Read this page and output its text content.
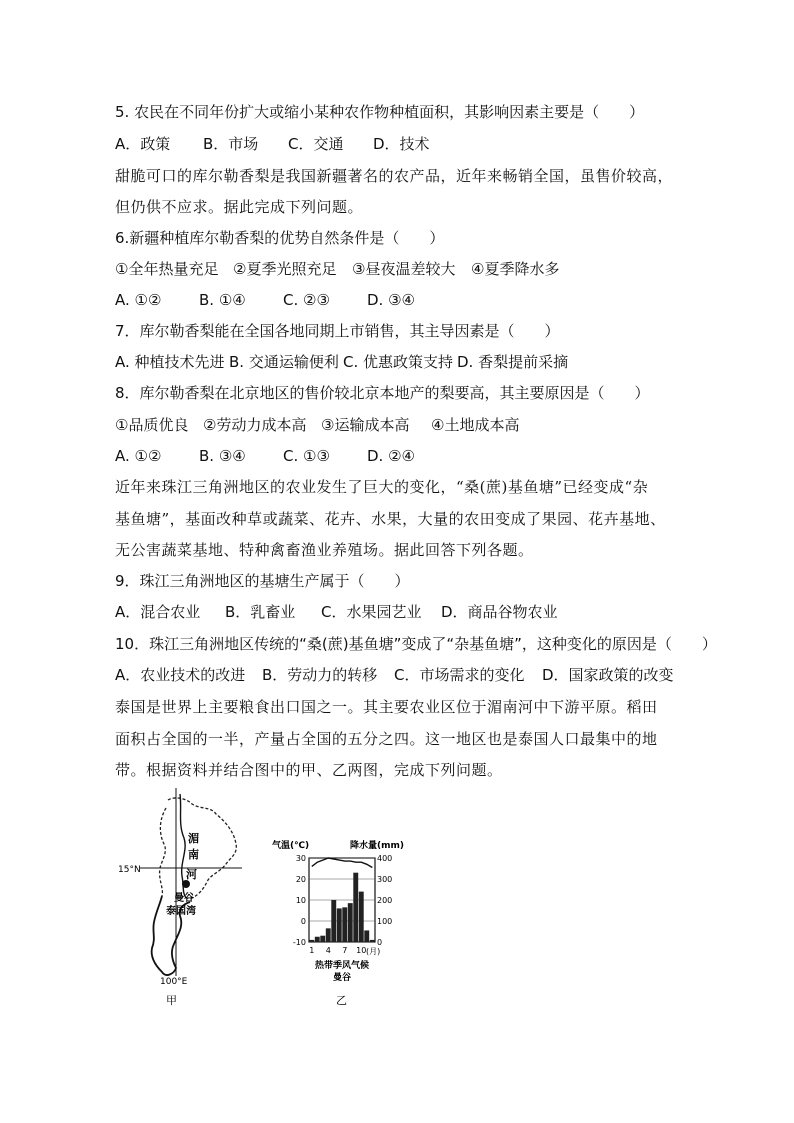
5. 农民在不同年份扩大或缩小某种农作物种植面积，其影响因素主要是（　　）
A．政策 B．市场 C．交通 D．技术
甜脆可口的库尔勒香梨是我国新疆著名的农产品，近年来畅销全国，虽售价较高，
但仍供不应求。据此完成下列问题。
6.新疆种植库尔勒香梨的优势自然条件是（　　）
①全年热量充足 ②夏季光照充足 ③昼夜温差较大 ④夏季降水多
A. ①②	B. ①④ C. ②③ D. ③④
7．库尔勒香梨能在全国各地同期上市销售，其主导因素是（　　）
A. 种植技术先进 B. 交通运输便利 C. 优惠政策支持 D. 香梨提前采摘
8．库尔勒香梨在北京地区的售价较北京本地产的梨要高，其主要原因是（　　）
①品质优良 ②劳动力成本高 ③运输成本高 ④土地成本高
A. ①②	B. ③④ C. ①③ D. ②④
近年来珠江三角洲地区的农业发生了巨大的变化，“桑(蔗)基鱼塘”已经变成“杂
基鱼塘”，基面改种草或蔬菜、花卉、水果，大量的农田变成了果园、花卉基地、
无公害蔬菜基地、特种禽畜渔业养殖场。据此回答下列各题。
9．珠江三角洲地区的基塘生产属于（　　）
A．混合农业 B．乳畜业 C．水果园艺业 D．商品谷物农业
10．珠江三角洲地区传统的“桑(蔗)基鱼塘”变成了“杂基鱼塘”，这种变化的原因是（　　）
A．农业技术的改进 B．劳动力的转移 C．市场需求的变化 D．国家政策的改变
泰国是世界上主要粮食出口国之一。其主要农业区位于湄南河中下游平原。稻田
面积占全国的一半，产量占全国的五分之四。这一地区也是泰国人口最集中的地
带。根据资料并结合图中的甲、乙两图，完成下列问题。
湄
南
河
15°N
曼谷
泰国湾
100°E
甲
气温(℃)	降水量(mm)
-10
0
10
20
30
0
100
200
300
400
1 4 7 10 (月)
热带季风气候
曼谷
乙
